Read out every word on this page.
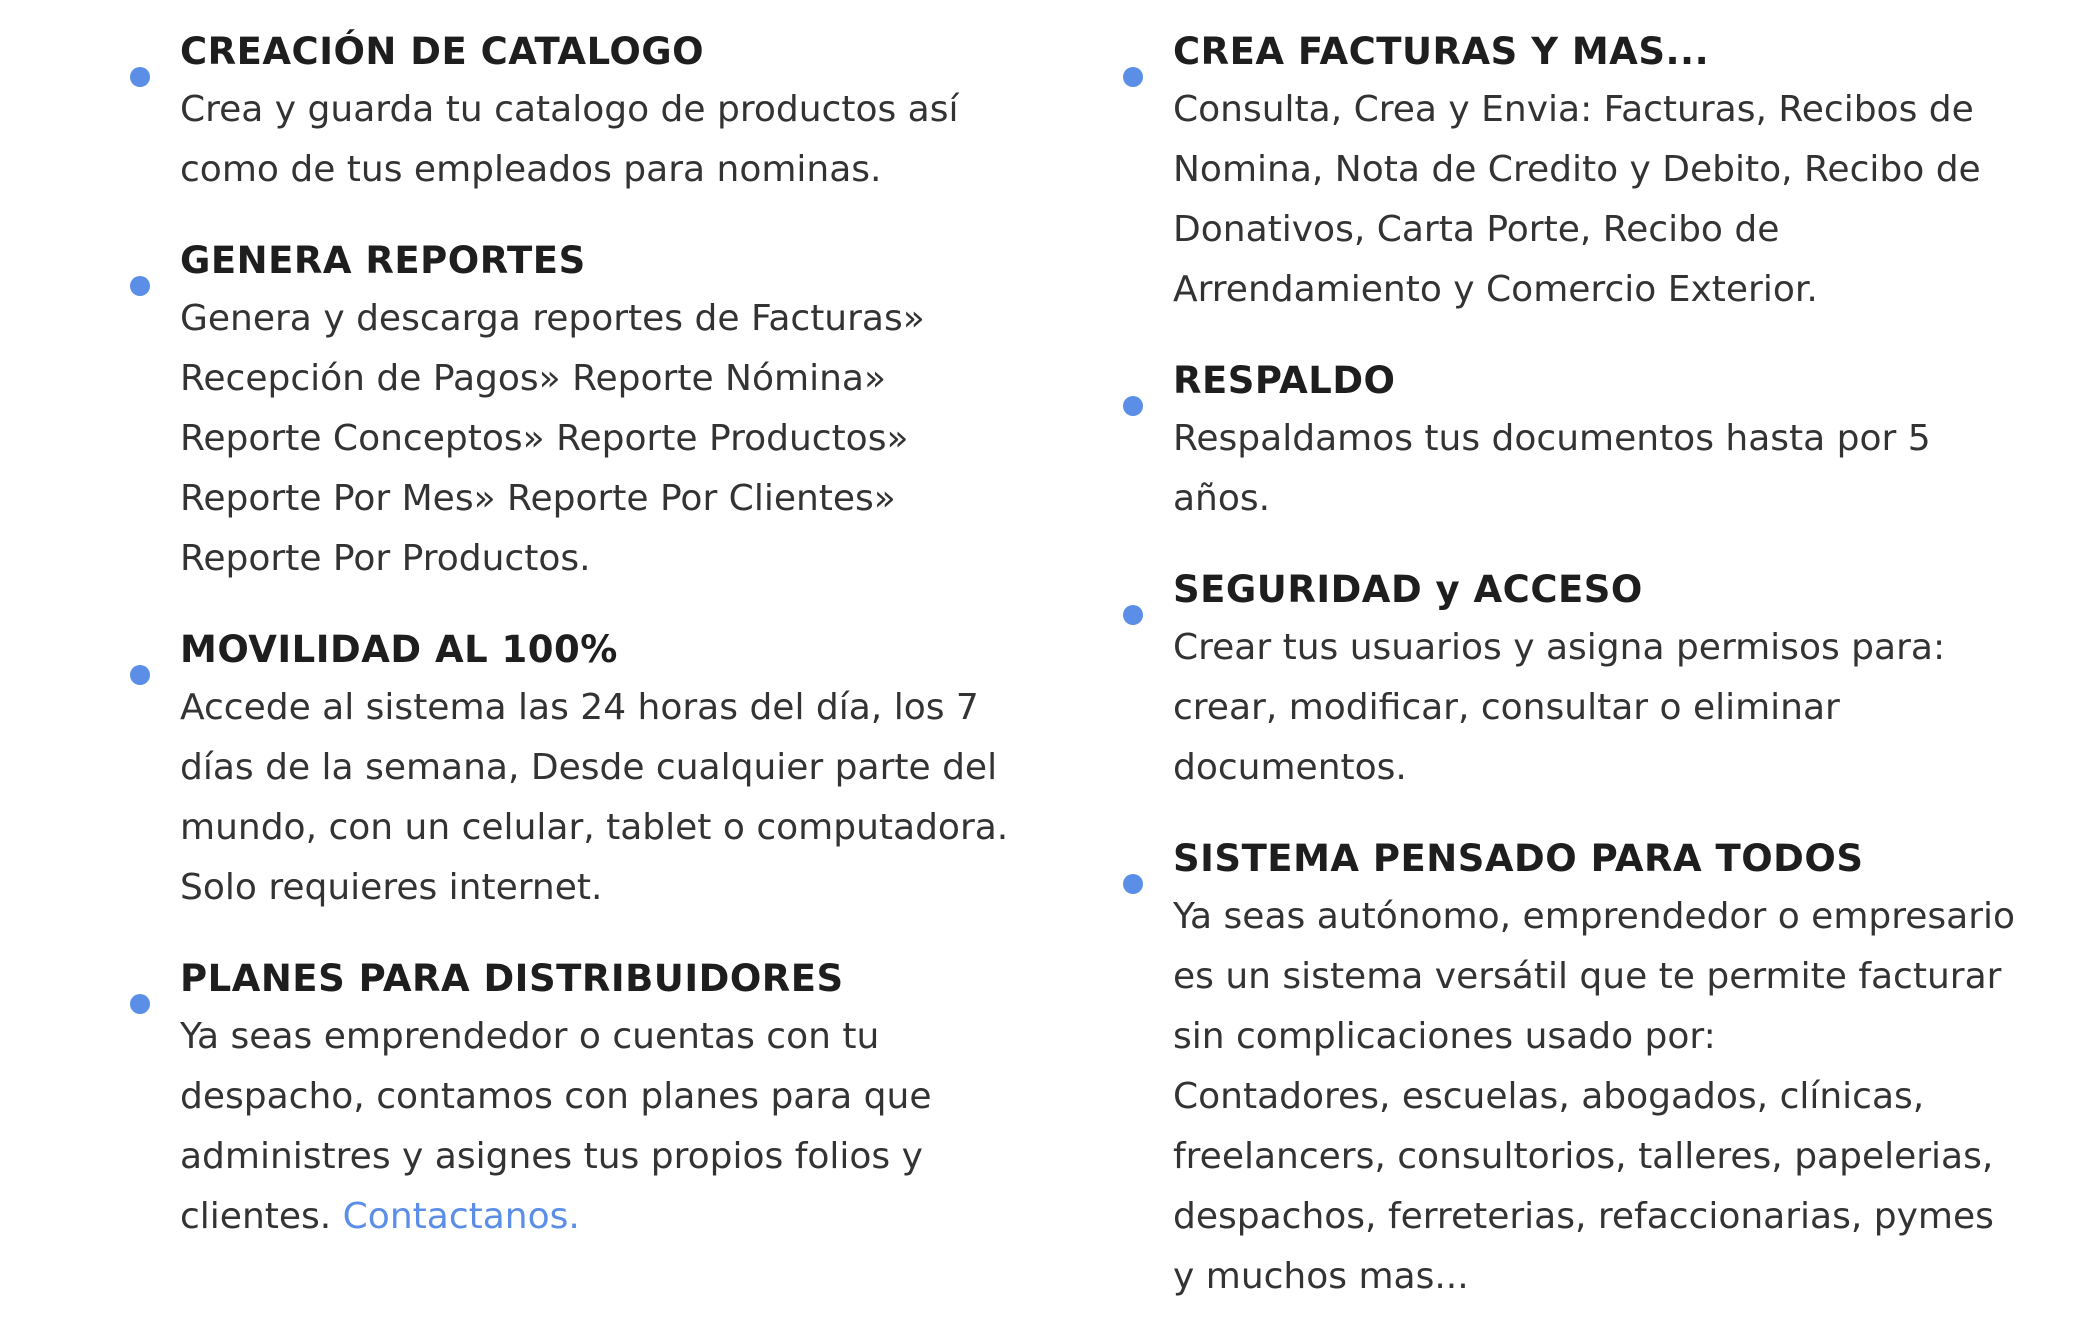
CREACIÓN DE CATALOGO

Crea y guarda tu catalogo de productos así
como de tus empleados para nominas.

GENERA REPORTES

Genera y descarga reportes de Facturas»
Recepción de Pagos» Reporte Nómina»
Reporte Conceptos» Reporte Productos»
Reporte Por Mes» Reporte Por Clientes»
Reporte Por Productos.

MOVILIDAD AL 100%

Accede al sistema las 24 horas del día, los 7
días de la semana, Desde cualquier parte del
mundo, con un celular, tablet o computadora.
Solo requieres internet.

PLANES PARA DISTRIBUIDORES

Ya seas emprendedor o cuentas con tu
despacho, contamos con planes para que
administres y asignes tus propios folios y
clientes. Contactanos.

CREA FACTURAS Y MAS...

Consulta, Crea y Envia: Facturas, Recibos de
Nomina, Nota de Credito y Debito, Recibo de
Donativos, Carta Porte, Recibo de
Arrendamiento y Comercio Exterior.

RESPALDO

Respaldamos tus documentos hasta por 5
años.

SEGURIDAD y ACCESO

Crear tus usuarios y asigna permisos para:
crear, modificar, consultar o eliminar
documentos.

SISTEMA PENSADO PARA TODOS

Ya seas autónomo, emprendedor o empresario
es un sistema versátil que te permite facturar
sin complicaciones usado por:
Contadores, escuelas, abogados, clínicas,
freelancers, consultorios, talleres, papelerias,
despachos, ferreterias, refaccionarias, pymes
y muchos mas...
